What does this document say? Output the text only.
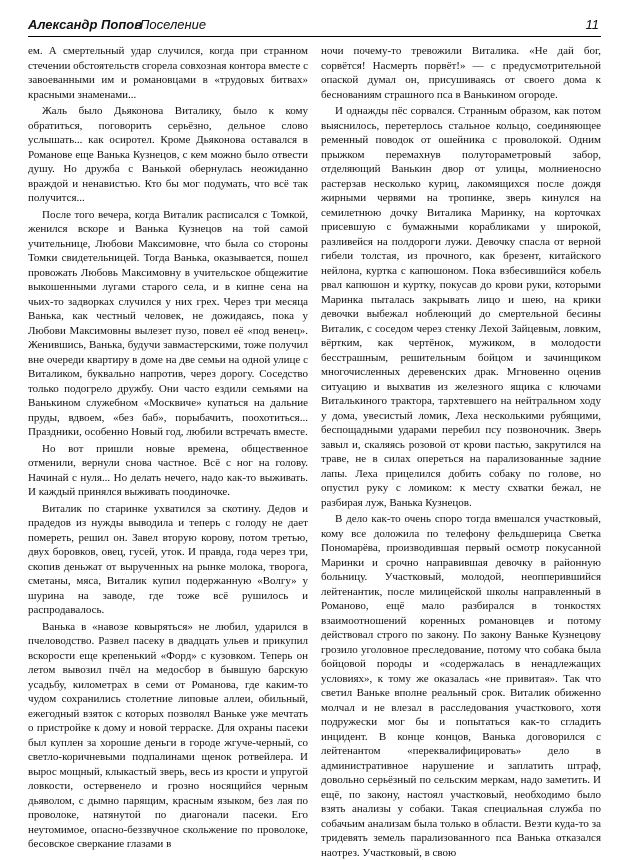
Александр Попов
Поселение	11

ем. А смертельный удар случился, когда при странном стечении обстоятельств сгорела совхозная контора вместе с завоеванными им и романовцами в «трудовых битвах» красными знаменами...

Жаль было Дьяконова Виталику, было к кому обратиться, поговорить серьёзно, дельное слово услышать... как осиротел. Кроме Дьяконова оставался в Романове еще Ванька Кузнецов, с кем можно было отвести душу. Но дружба с Ванькой обернулась неожиданно враждой и ненавистью. Кто бы мог подумать, что всё так получится...

После того вечера, когда Виталик расписался с Томкой, женился вскоре и Ванька Кузнецов на той самой учительнице, Любови Максимовне, что была со стороны Томки свидетельницей. Тогда Ванька, оказывается, пошел провожать Любовь Максимовну в учительское общежитие выкошенными лугами старого села, и в кипне сена на чьих-то задворках случился у них грех. Через три месяца Ванька, как честный человек, не дожидаясь, пока у Любови Максимовны вылезет пузо, повел её «под венец». Женившись, Ванька, будучи завмастерскими, тоже получил вне очереди квартиру в доме на две семьи на одной улице с Виталиком, буквально напротив, через дорогу. Соседство только подогрело дружбу. Они часто ездили семьями на Ванькином служебном «Москвиче» купаться на дальние пруды, вдвоем, «без баб», порыбачить, поохотиться... Праздники, особенно Новый год, любили встречать вместе.

Но вот пришли новые времена, общественное отменили, вернули снова частное. Всё с ног на голову. Начинай с нуля... Но делать нечего, надо как-то выживать. И каждый принялся выживать поодиночке.

Виталик по старинке ухватился за скотину. Дедов и прадедов из нужды выводила и теперь с голоду не дает помереть, решил он. Завел вторую корову, потом третью, двух боровков, овец, гусей, уток. И правда, года через три, скопив деньжат от вырученных на рынке молока, творога, сметаны, мяса, Виталик купил подержанную «Волгу» у шурина на заводе, где тоже всё рушилось и распродавалось.

Ванька в «навозе ковыряться» не любил, ударился в пчеловодство. Развел пасеку в двадцать ульев и прикупил вскорости еще крепенький «Форд» с кузовком. Теперь он летом вывозил пчёл на медосбор в бывшую барскую усадьбу, километрах в семи от Романова, где каким-то чудом сохранились столетние липовые аллеи, обильный, ежегодный взяток с которых позволял Ваньке уже мечтать о пристройке к дому и новой терраске. Для охраны пасеки был куплен за хорошие деньги в городе жгуче-черный, со светло-коричневыми подпалинами щенок ротвейлера. И вырос мощный, клыкастый зверь, весь из крости и упругой ловкости, остервенело и грозно носящийся черным дьяволом, с дымно парящим, красным языком, без лая по проволоке, натянутой по диагонали пасеки. Его неутомимое, опасно-беззвучное скольжение по проволоке, бесовское сверкание глазами в

ночи почему-то тревожили Виталика. «Не дай бог, сорвётся! Насмерть порвёт!» — с предусмотрительной опаской думал он, присушиваясь от своего дома к беснованиям страшного пса в Ванькином огороде.

И однажды пёс сорвался. Странным образом, как потом выяснилось, перетерлось стальное кольцо, соединяющее ременный поводок от ошейника с проволокой. Одним прыжком перемахнув полутораметровый забор, отделяющий Ванькин двор от улицы, молниеносно растерзав несколько куриц, лакомящихся после дождя жирными червями на тропинке, зверь кинулся на семилетнюю дочку Виталика Маринку, на корточках присевшую с бумажными корабликами у широкой, разливейся на полдороги лужи. Девочку спасла от верной гибели толстая, из прочного, как брезент, китайского нейлона, куртка с капюшоном. Пока взбесившийся кобель рвал капюшон и куртку, покусав до крови руки, которыми Маринка пыталась закрывать лицо и шею, на крики девочки выбежал ноблеющий до смертельной бесины Виталик, с соседом через стенку Лехой Зайцевым, ловким, вёртким, как чертёнок, мужиком, в молодости бесстрашным, решительным бойцом и зачинщиком многочисленных деревенских драк. Мгновенно оценив ситуацию и выхватив из железного ящика с ключами Виталькиного трактора, тархтевшего на нейтральном ходу у дома, увесистый ломик, Леха несколькими рубящими, беспощадными ударами перебил псу позвоночник. Зверь завыл и, скаляясь розовой от крови пастью, закрутился на траве, не в силах опереться на парализованные задние лапы. Леха прицелился добить собаку по голове, но опустил руку с ломиком: к месту схватки бежал, не разбирая луж, Ванька Кузнецов.

В дело как-то очень споро тогда вмешался участковый, кому все доложила по телефону фельдшерица Светка Пономарёва, производившая первый осмотр покусанной Маринки и срочно направившая девочку в районную больницу. Участковый, молодой, неопперившийся лейтенантик, после милицейской школы направленный в Романово, ещё мало разбирался в тонкостях взаимоотношений коренных романовцев и потому действовал строго по закону. По закону Ваньке Кузнецову грозило уголовное преследование, потому что собака была бойцовой породы и «содержалась в ненадлежащих условиях», к тому же оказалась «не привитая». Так что светил Ваньке вполне реальный срок. Виталик обиженно молчал и не влезал в расследования участкового, хотя подружески мог бы и попытаться как-то сгладить инцидент. В конце концов, Ванька договорился с лейтенантом «переквалифицировать» дело в административное нарушение и заплатить штраф, довольно серьёзный по сельским меркам, надо заметить. И ещё, по закону, настоял участковый, необходимо было взять анализы у собаки. Такая специальная служба по собачьим анализам была только в области. Везти куда-то за тридевять земель парализованного пса Ванька отказался наотрез. Участковый, в свою
